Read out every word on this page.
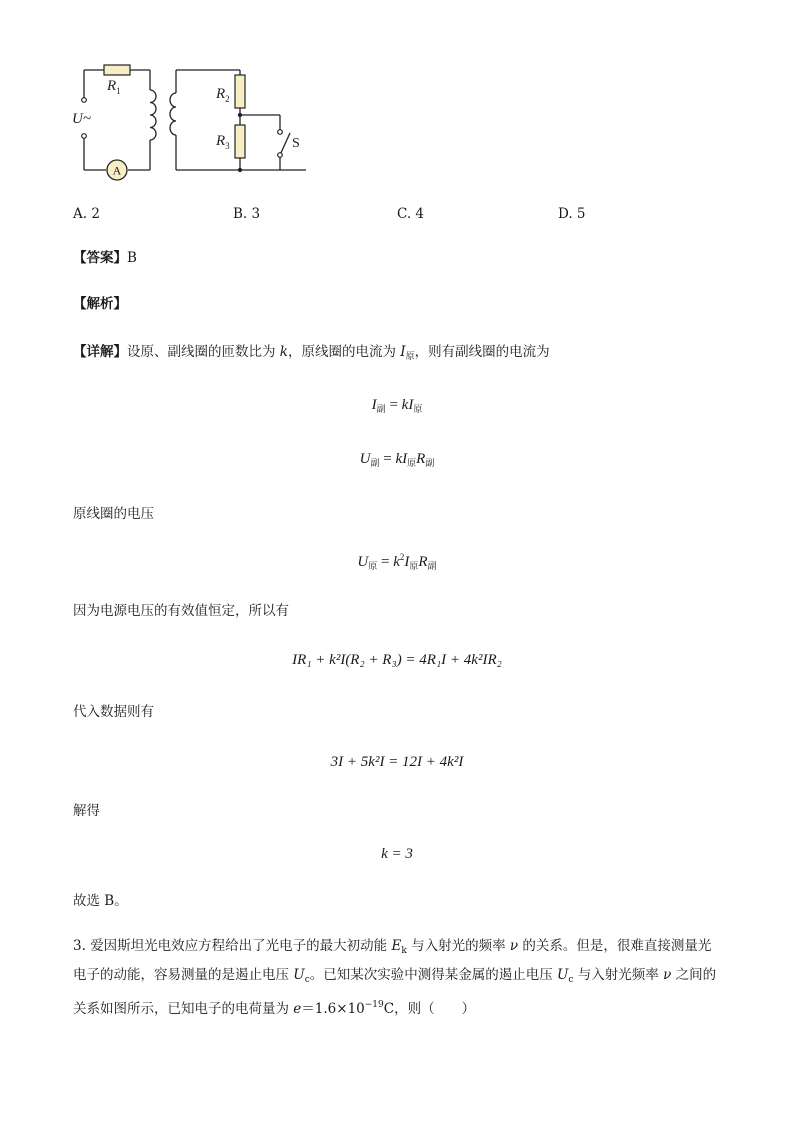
A
$R_1$	$R_2$
$R_3$
U~
S
A. 2	B. 3	C. 4	D. 5
【答案】B
【解析】
【详解】设原、副线圈的匝数比为 k，原线圈的电流为 $I_原$，则有副线圈的电流为
$I_副 = kI_原$
$U_副 = kI_原R_副$
原线圈的电压
$U_原 = k^2I_原R_副$
因为电源电压的有效值恒定，所以有
IR₁ + k²I(R₂ + R₃) = 4R₁I + 4k²IR₂
代入数据则有
3I + 5k²I = 12I + 4k²I
解得
k = 3
故选 B。
3. 爱因斯坦光电效应方程给出了光电子的最大初动能 $E_k$ 与入射光的频率 ν 的关系。但是，很难直接测量光
电子的动能，容易测量的是遏止电压 $U_c$。已知某次实验中测得某金属的遏止电压 $U_c$ 与入射光频率 ν 之间的
关系如图所示，已知电子的电荷量为 $e=1.6\times 10^{-19}C$，则（　　）
